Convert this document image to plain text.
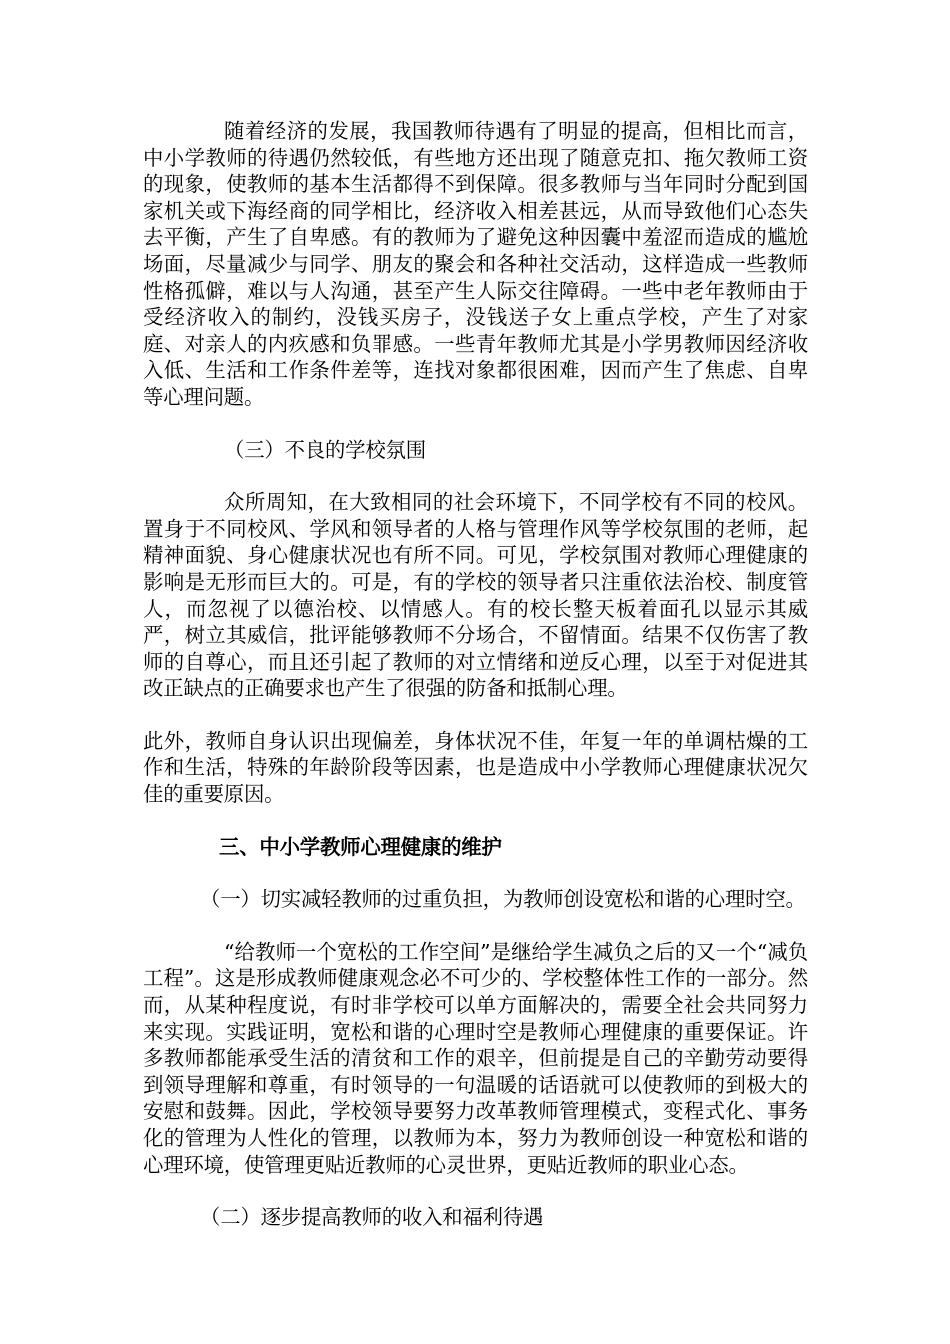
随着经济的发展，我国教师待遇有了明显的提高，但相比而言，中小学教师的待遇仍然较低，有些地方还出现了随意克扣、拖欠教师工资的现象，使教师的基本生活都得不到保障。很多教师与当年同时分配到国家机关或下海经商的同学相比，经济收入相差甚远，从而导致他们心态失去平衡，产生了自卑感。有的教师为了避免这种因囊中羞涩而造成的尴尬场面，尽量减少与同学、朋友的聚会和各种社交活动，这样造成一些教师性格孤僻，难以与人沟通，甚至产生人际交往障碍。一些中老年教师由于受经济收入的制约，没钱买房子，没钱送子女上重点学校，产生了对家庭、对亲人的内疚感和负罪感。一些青年教师尤其是小学男教师因经济收入低、生活和工作条件差等，连找对象都很困难，因而产生了焦虑、自卑等心理问题。

（三）不良的学校氛围

众所周知，在大致相同的社会环境下，不同学校有不同的校风。置身于不同校风、学风和领导者的人格与管理作风等学校氛围的老师，起精神面貌、身心健康状况也有所不同。可见，学校氛围对教师心理健康的影响是无形而巨大的。可是，有的学校的领导者只注重依法治校、制度管人，而忽视了以德治校、以情感人。有的校长整天板着面孔以显示其威严，树立其威信，批评能够教师不分场合，不留情面。结果不仅伤害了教师的自尊心，而且还引起了教师的对立情绪和逆反心理，以至于对促进其改正缺点的正确要求也产生了很强的防备和抵制心理。

此外，教师自身认识出现偏差，身体状况不佳，年复一年的单调枯燥的工作和生活，特殊的年龄阶段等因素，也是造成中小学教师心理健康状况欠佳的重要原因。

三、中小学教师心理健康的维护

（一）切实减轻教师的过重负担，为教师创设宽松和谐的心理时空。

“给教师一个宽松的工作空间”是继给学生减负之后的又一个“减负工程”。这是形成教师健康观念必不可少的、学校整体性工作的一部分。然而，从某种程度说，有时非学校可以单方面解决的，需要全社会共同努力来实现。实践证明，宽松和谐的心理时空是教师心理健康的重要保证。许多教师都能承受生活的清贫和工作的艰辛，但前提是自己的辛勤劳动要得到领导理解和尊重，有时领导的一句温暖的话语就可以使教师的到极大的安慰和鼓舞。因此，学校领导要努力改革教师管理模式，变程式化、事务化的管理为人性化的管理，以教师为本，努力为教师创设一种宽松和谐的心理环境，使管理更贴近教师的心灵世界，更贴近教师的职业心态。

（二）逐步提高教师的收入和福利待遇
